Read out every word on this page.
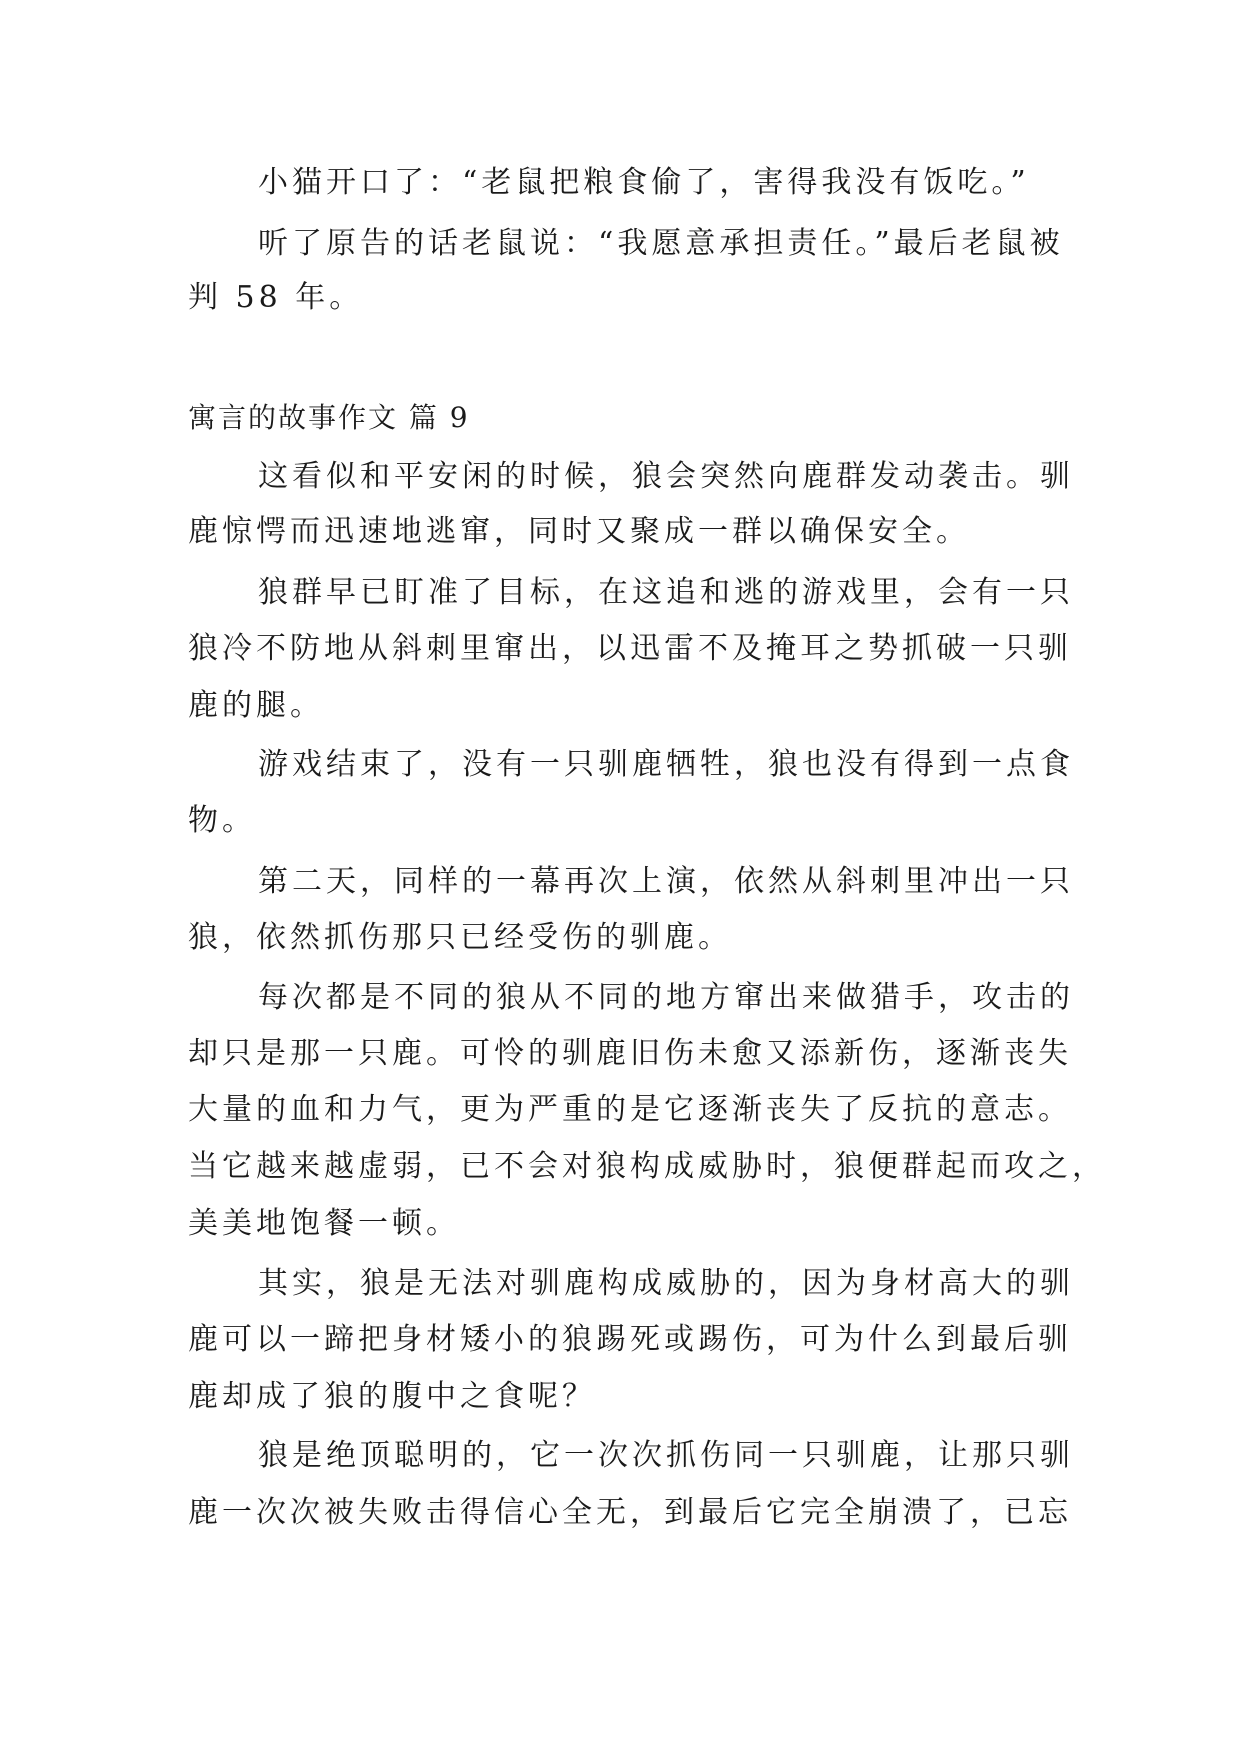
小猫开口了：“老鼠把粮食偷了，害得我没有饭吃。”
听了原告的话老鼠说：“我愿意承担责任。”最后老鼠被
判 58 年。
寓言的故事作文 篇 9
这看似和平安闲的时候，狼会突然向鹿群发动袭击。驯
鹿惊愕而迅速地逃窜，同时又聚成一群以确保安全。
狼群早已盯准了目标，在这追和逃的游戏里，会有一只
狼冷不防地从斜刺里窜出，以迅雷不及掩耳之势抓破一只驯
鹿的腿。
游戏结束了，没有一只驯鹿牺牲，狼也没有得到一点食
物。
第二天，同样的一幕再次上演，依然从斜刺里冲出一只
狼，依然抓伤那只已经受伤的驯鹿。
每次都是不同的狼从不同的地方窜出来做猎手，攻击的
却只是那一只鹿。可怜的驯鹿旧伤未愈又添新伤，逐渐丧失
大量的血和力气，更为严重的是它逐渐丧失了反抗的意志。
当它越来越虚弱，已不会对狼构成威胁时，狼便群起而攻之，
美美地饱餐一顿。
其实，狼是无法对驯鹿构成威胁的，因为身材高大的驯
鹿可以一蹄把身材矮小的狼踢死或踢伤，可为什么到最后驯
鹿却成了狼的腹中之食呢？
狼是绝顶聪明的，它一次次抓伤同一只驯鹿，让那只驯
鹿一次次被失败击得信心全无，到最后它完全崩溃了，已忘
